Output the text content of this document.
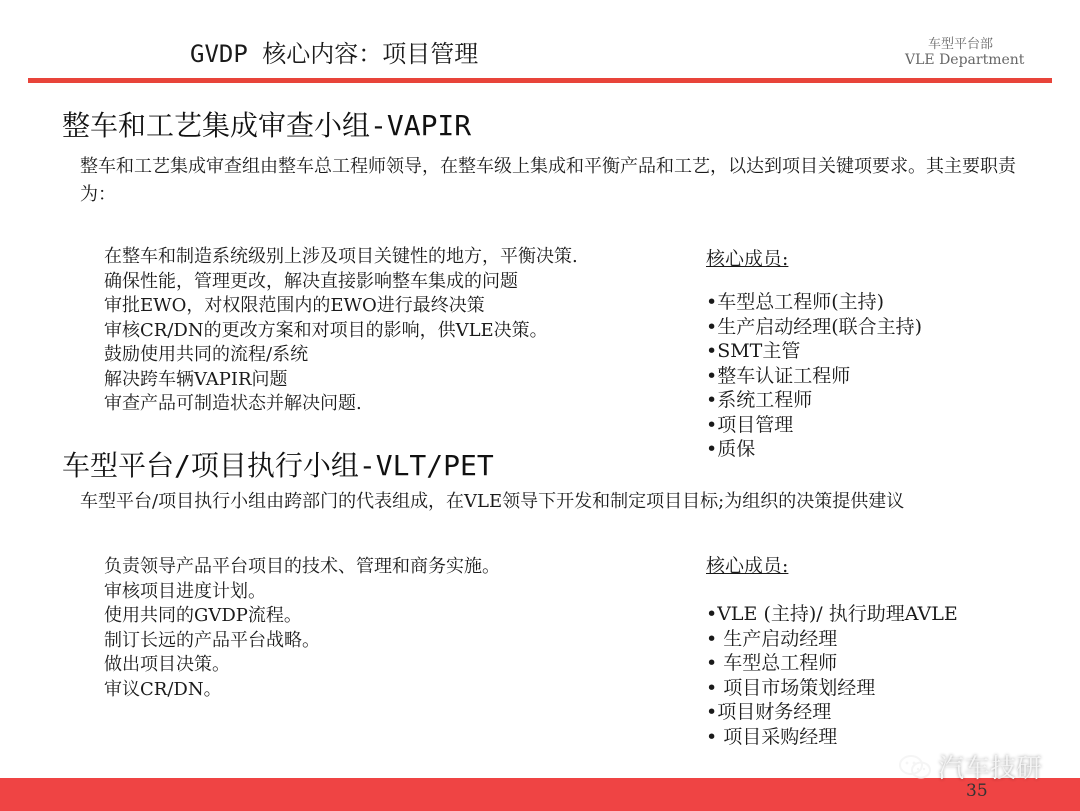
GVDP 核心内容：项目管理	车型平台部
VLE Department
整车和工艺集成审查小组-VAPIR
整车和工艺集成审查组由整车总工程师领导，在整车级上集成和平衡产品和工艺，以达到项目关键项要求。其主要职责为：
在整车和制造系统级别上涉及项目关键性的地方，平衡决策.
确保性能，管理更改，解决直接影响整车集成的问题
审批EWO，对权限范围内的EWO进行最终决策
审核CR/DN的更改方案和对项目的影响，供VLE决策。
鼓励使用共同的流程/系统
解决跨车辆VAPIR问题
审查产品可制造状态并解决问题.
核心成员:
•车型总工程师(主持)
•生产启动经理(联合主持)
•SMT主管
•整车认证工程师
•系统工程师
•项目管理
•质保
车型平台/项目执行小组-VLT/PET
车型平台/项目执行小组由跨部门的代表组成，在VLE领导下开发和制定项目目标;为组织的决策提供建议
负责领导产品平台项目的技术、管理和商务实施。
审核项目进度计划。
使用共同的GVDP流程。
制订长远的产品平台战略。
做出项目决策。
审议CR/DN。
核心成员:
•VLE (主持)/ 执行助理AVLE
• 生产启动经理
• 车型总工程师
• 项目市场策划经理
•项目财务经理
• 项目采购经理
35
汽车技研
